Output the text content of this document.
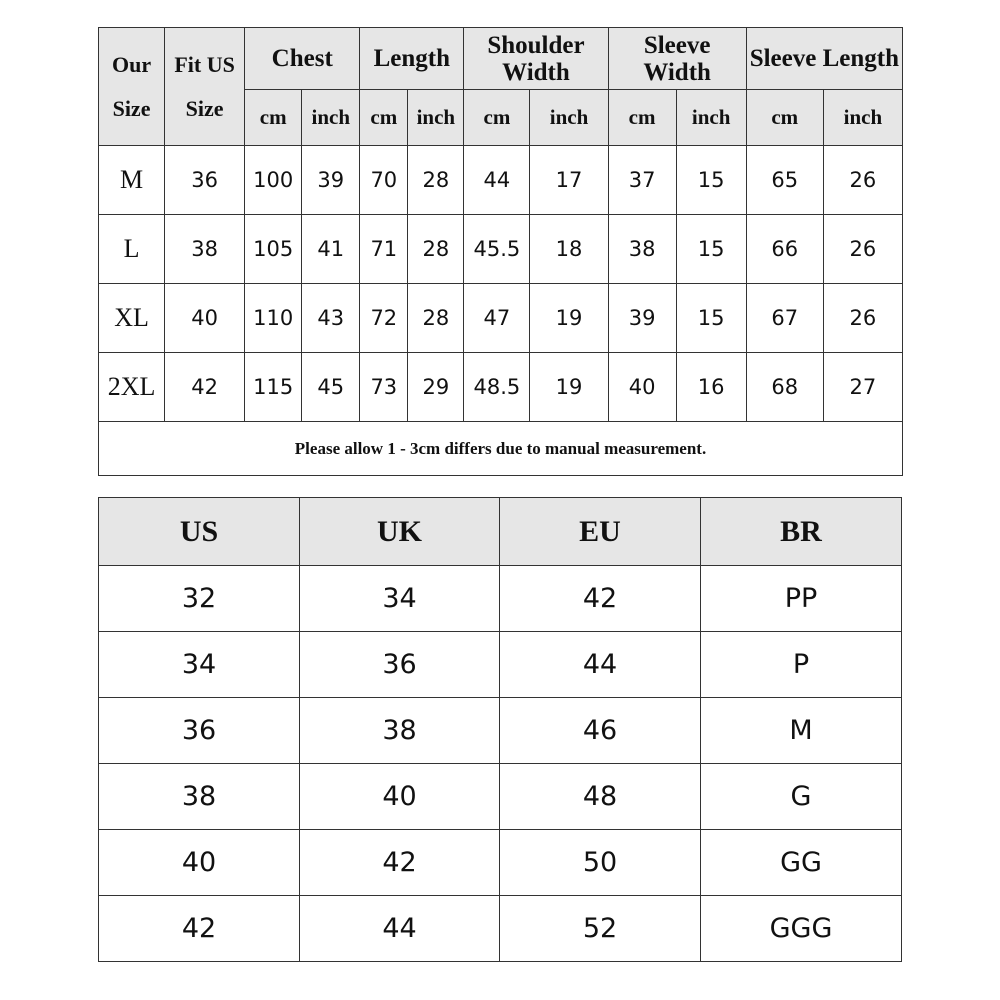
Our Size	Fit US Size	Chest		Length		Shoulder Width		Sleeve Width		Sleeve Length	
		cm	inch	cm	inch	cm	inch	cm	inch	cm	inch
M	36	100	39	70	28	44	17	37	15	65	26
L	38	105	41	71	28	45.5	18	38	15	66	26
XL	40	110	43	72	28	47	19	39	15	67	26
2XL	42	115	45	73	29	48.5	19	40	16	68	27
Please allow 1 - 3cm differs due to manual measurement.											
US	UK	EU	BR
32	34	42	PP
34	36	44	P
36	38	46	M
38	40	48	G
40	42	50	GG
42	44	52	GGG
